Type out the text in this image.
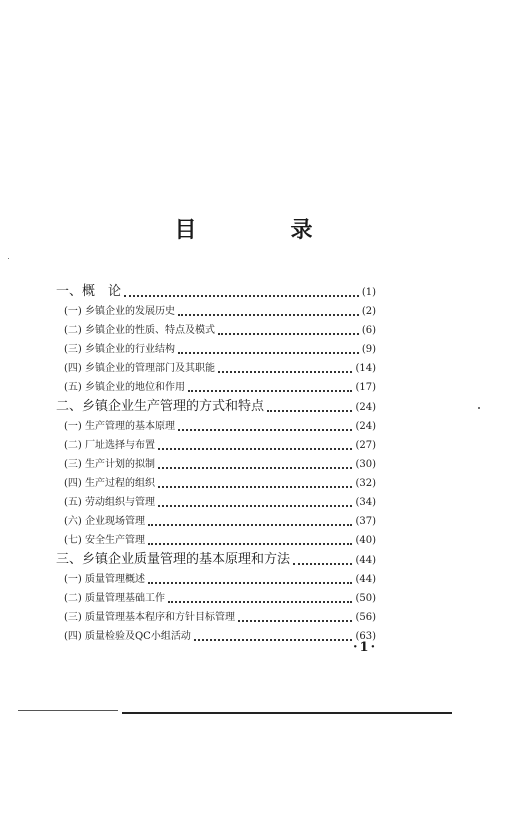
目　录
一、概　论	(1)
(一) 乡镇企业的发展历史	(2)
(二) 乡镇企业的性质、特点及模式	(6)
(三) 乡镇企业的行业结构	(9)
(四) 乡镇企业的管理部门及其职能	(14)
(五) 乡镇企业的地位和作用	(17)
二、乡镇企业生产管理的方式和特点	(24)
(一) 生产管理的基本原理	(24)
(二) 厂址选择与布置	(27)
(三) 生产计划的拟制	(30)
(四) 生产过程的组织	(32)
(五) 劳动组织与管理	(34)
(六) 企业现场管理	(37)
(七) 安全生产管理	(40)
三、乡镇企业质量管理的基本原理和方法	(44)
(一) 质量管理概述	(44)
(二) 质量管理基础工作	(50)
(三) 质量管理基本程序和方针目标管理	(56)
(四) 质量检验及QC小组活动	(63)
·1·
